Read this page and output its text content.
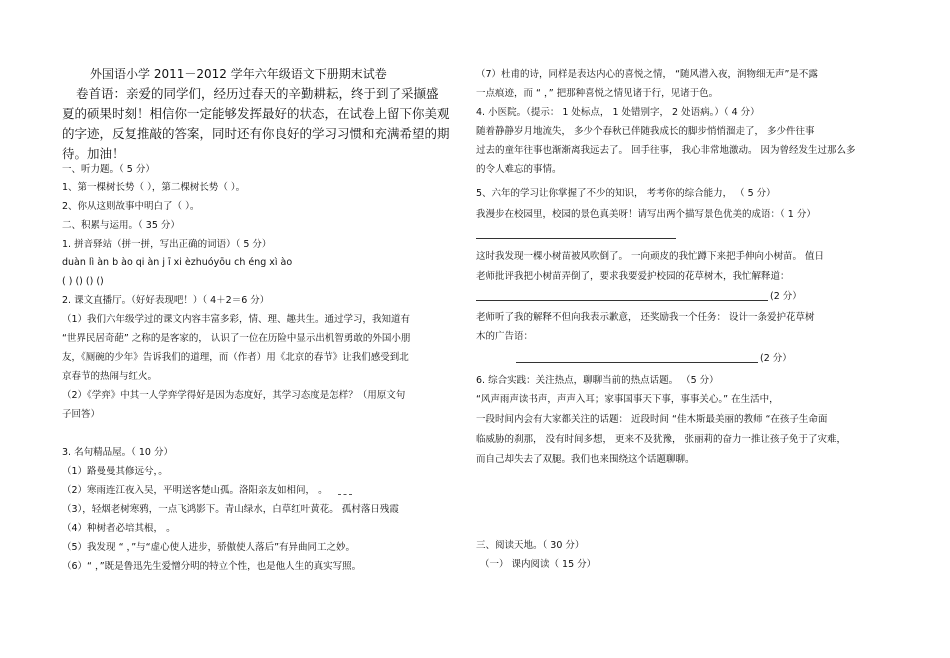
外国语小学 2011－2012 学年六年级语文下册期末试卷
卷首语：亲爱的同学们，经历过春天的辛勤耕耘，终于到了采撷盛
夏的硕果时刻！相信你一定能够发挥最好的状态，在试卷上留下你美观
的字迹，反复推敲的答案，同时还有你良好的学习习惯和充满希望的期
待。加油！
一、听力题。（ 5 分）
1、第一棵树长势（ ），第二棵树长势（ ）。
2、你从这则故事中明白了（ ）。
二、积累与运用。（ 35 分）
1. 拼音驿站（拼一拼，写出正确的词语）（ 5 分）
duàn lì àn b ào qi àn j ī xi èzhuóyōu ch éng xì ào
( ) () () ()
2. 课文直播厅。（好好表现吧！）（ 4＋2＝6 分）
（1）我们六年级学过的课文内容丰富多彩，情、理、趣共生。通过学习，我知道有
“世界民居奇葩” 之称的是客家的， 认识了一位在历险中显示出机智勇敢的外国小朋
友，《厕碗的少年》告诉我们的道理，而（作者）用《北京的春节》让我们感受到北
京春节的热闹与红火。
（2）《学弈》中其一人学弈学得好是因为态度好，其学习态度是怎样？（用原文句
子回答）
3. 名句精品屋。（ 10 分）
（1）路曼曼其修远兮，。
（2）寒雨连江夜入吴，平明送客楚山孤。洛阳亲友如相问， 。
（3），轻烟老树寒鸦，一点飞鸿影下。青山绿水，白草红叶黄花。 孤村落日残霞
（4）种树者必培其根， 。
（5）我发现 “ ，”与“虚心使人进步，骄傲使人落后”有异曲同工之妙。
（6）“ ，”既是鲁迅先生爱憎分明的特立个性，也是他人生的真实写照。
（7）杜甫的诗，同样是表达内心的喜悦之情， “随风潜入夜，润物细无声”是不露
一点痕迹，而 “ ，” 把那种喜悦之情见诸于行，见诸于色。
4. 小医院。（提示： 1 处标点， 1 处错别字， 2 处语病。）（ 4 分）
随着静静岁月地流失， 多少个春秋已伴随我成长的脚步悄悄溜走了， 多少件往事
过去的童年往事也渐渐离我远去了。 回手往事， 我心非常地激动。 因为曾经发生过那么多
的令人难忘的事情。
5、六年的学习让你掌握了不少的知识， 考考你的综合能力， （ 5 分）
我漫步在校园里，校园的景色真美呀！请写出两个描写景色优美的成语：（ 1 分）
这时我发现一棵小树苗被风吹倒了。 一向顽皮的我忙蹲下来把手伸向小树苗。 值日
老师批评我把小树苗弄倒了，要求我要爱护校园的花草树木，我忙解释道：
(2 分）
老师听了我的解释不但向我表示歉意， 还奖励我一个任务： 设计一条爱护花草树
木的广告语：
(2 分）
6. 综合实践：关注热点，聊聊当前的热点话题。 （5 分）
“风声雨声读书声，声声入耳；家事国事天下事，事事关心。” 在生活中，
一段时间内会有大家都关注的话题： 近段时间 “佳木斯最美丽的教师 “在孩子生命面
临威胁的刹那， 没有时间多想， 更来不及犹豫， 张丽莉的奋力一推让孩子免于了灾难，
而自己却失去了双腿。我们也来围绕这个话题聊聊。
三、阅读天地。（ 30 分）
（一） 课内阅读（ 15 分）
